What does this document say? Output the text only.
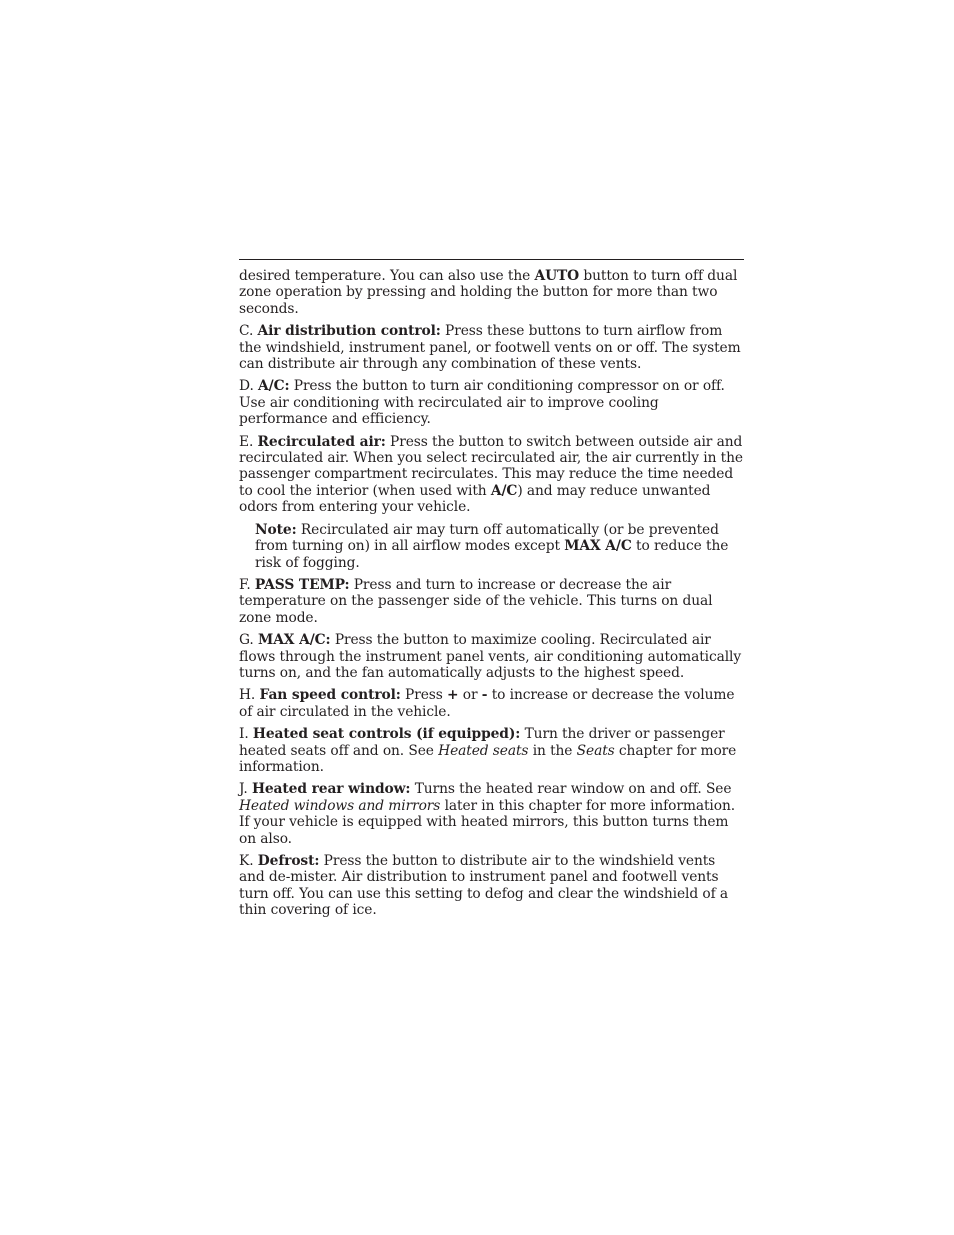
desired temperature. You can also use the AUTO button to turn off dual zone operation by pressing and holding the button for more than two seconds.

C. Air distribution control: Press these buttons to turn airflow from the windshield, instrument panel, or footwell vents on or off. The system can distribute air through any combination of these vents.

D. A/C: Press the button to turn air conditioning compressor on or off. Use air conditioning with recirculated air to improve cooling performance and efficiency.

E. Recirculated air: Press the button to switch between outside air and recirculated air. When you select recirculated air, the air currently in the passenger compartment recirculates. This may reduce the time needed to cool the interior (when used with A/C) and may reduce unwanted odors from entering your vehicle.

Note: Recirculated air may turn off automatically (or be prevented from turning on) in all airflow modes except MAX A/C to reduce the risk of fogging.

F. PASS TEMP: Press and turn to increase or decrease the air temperature on the passenger side of the vehicle. This turns on dual zone mode.

G. MAX A/C: Press the button to maximize cooling. Recirculated air flows through the instrument panel vents, air conditioning automatically turns on, and the fan automatically adjusts to the highest speed.

H. Fan speed control: Press + or - to increase or decrease the volume of air circulated in the vehicle.

I. Heated seat controls (if equipped): Turn the driver or passenger heated seats off and on. See Heated seats in the Seats chapter for more information.

J. Heated rear window: Turns the heated rear window on and off. See Heated windows and mirrors later in this chapter for more information. If your vehicle is equipped with heated mirrors, this button turns them on also.

K. Defrost: Press the button to distribute air to the windshield vents and de-mister. Air distribution to instrument panel and footwell vents turn off. You can use this setting to defog and clear the windshield of a thin covering of ice.
